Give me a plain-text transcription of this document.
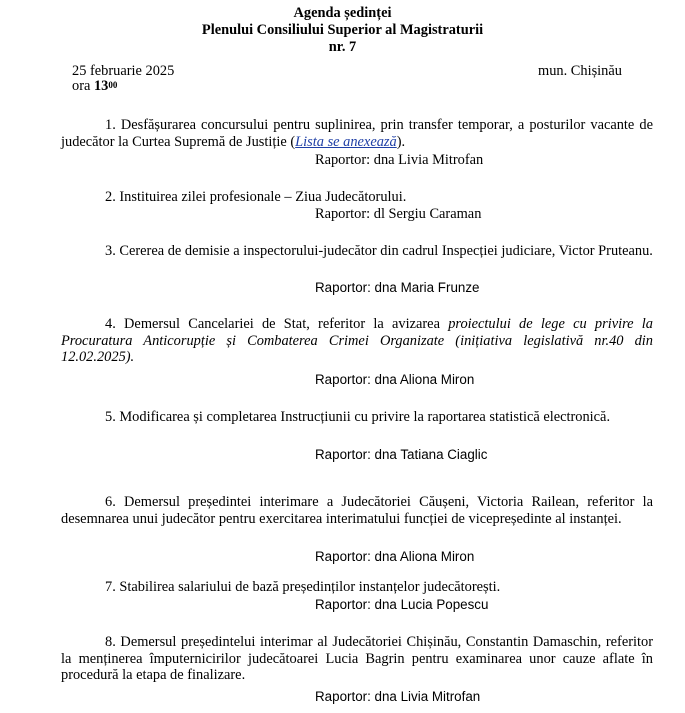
Agenda ședinței
Plenului Consiliului Superior al Magistraturii
nr. 7
25 februarie 2025	mun. Chișinău
ora $13^{00}$

1. Desfășurarea concursului pentru suplinirea, prin transfer temporar, a posturilor vacante de judecător la Curtea Supremă de Justiție (Lista se anexează).

Raportor: dna Livia Mitrofan

2. Instituirea zilei profesionale – Ziua Judecătorului.

Raportor: dl Sergiu Caraman

3. Cererea de demisie a inspectorului-judecător din cadrul Inspecției judiciare, Victor Pruteanu.

Raportor: dna Maria Frunze

4. Demersul Cancelariei de Stat, referitor la avizarea proiectului de lege cu privire la Procuratura Anticorupție și Combaterea Crimei Organizate (inițiativa legislativă nr.40 din 12.02.2025).

Raportor: dna Aliona Miron

5. Modificarea și completarea Instrucțiunii cu privire la raportarea statistică electronică.

Raportor: dna Tatiana Ciaglic

6. Demersul președintei interimare a Judecătoriei Căușeni, Victoria Railean, referitor la desemnarea unui judecător pentru exercitarea interimatului funcției de vicepreședinte al instanței.

Raportor: dna Aliona Miron

7. Stabilirea salariului de bază președinților instanțelor judecătorești.

Raportor: dna Lucia Popescu

8. Demersul președintelui interimar al Judecătoriei Chișinău, Constantin Damaschin, referitor la menținerea împuternicirilor judecătoarei Lucia Bagrin pentru examinarea unor cauze aflate în procedură la etapa de finalizare.

Raportor: dna Livia Mitrofan
